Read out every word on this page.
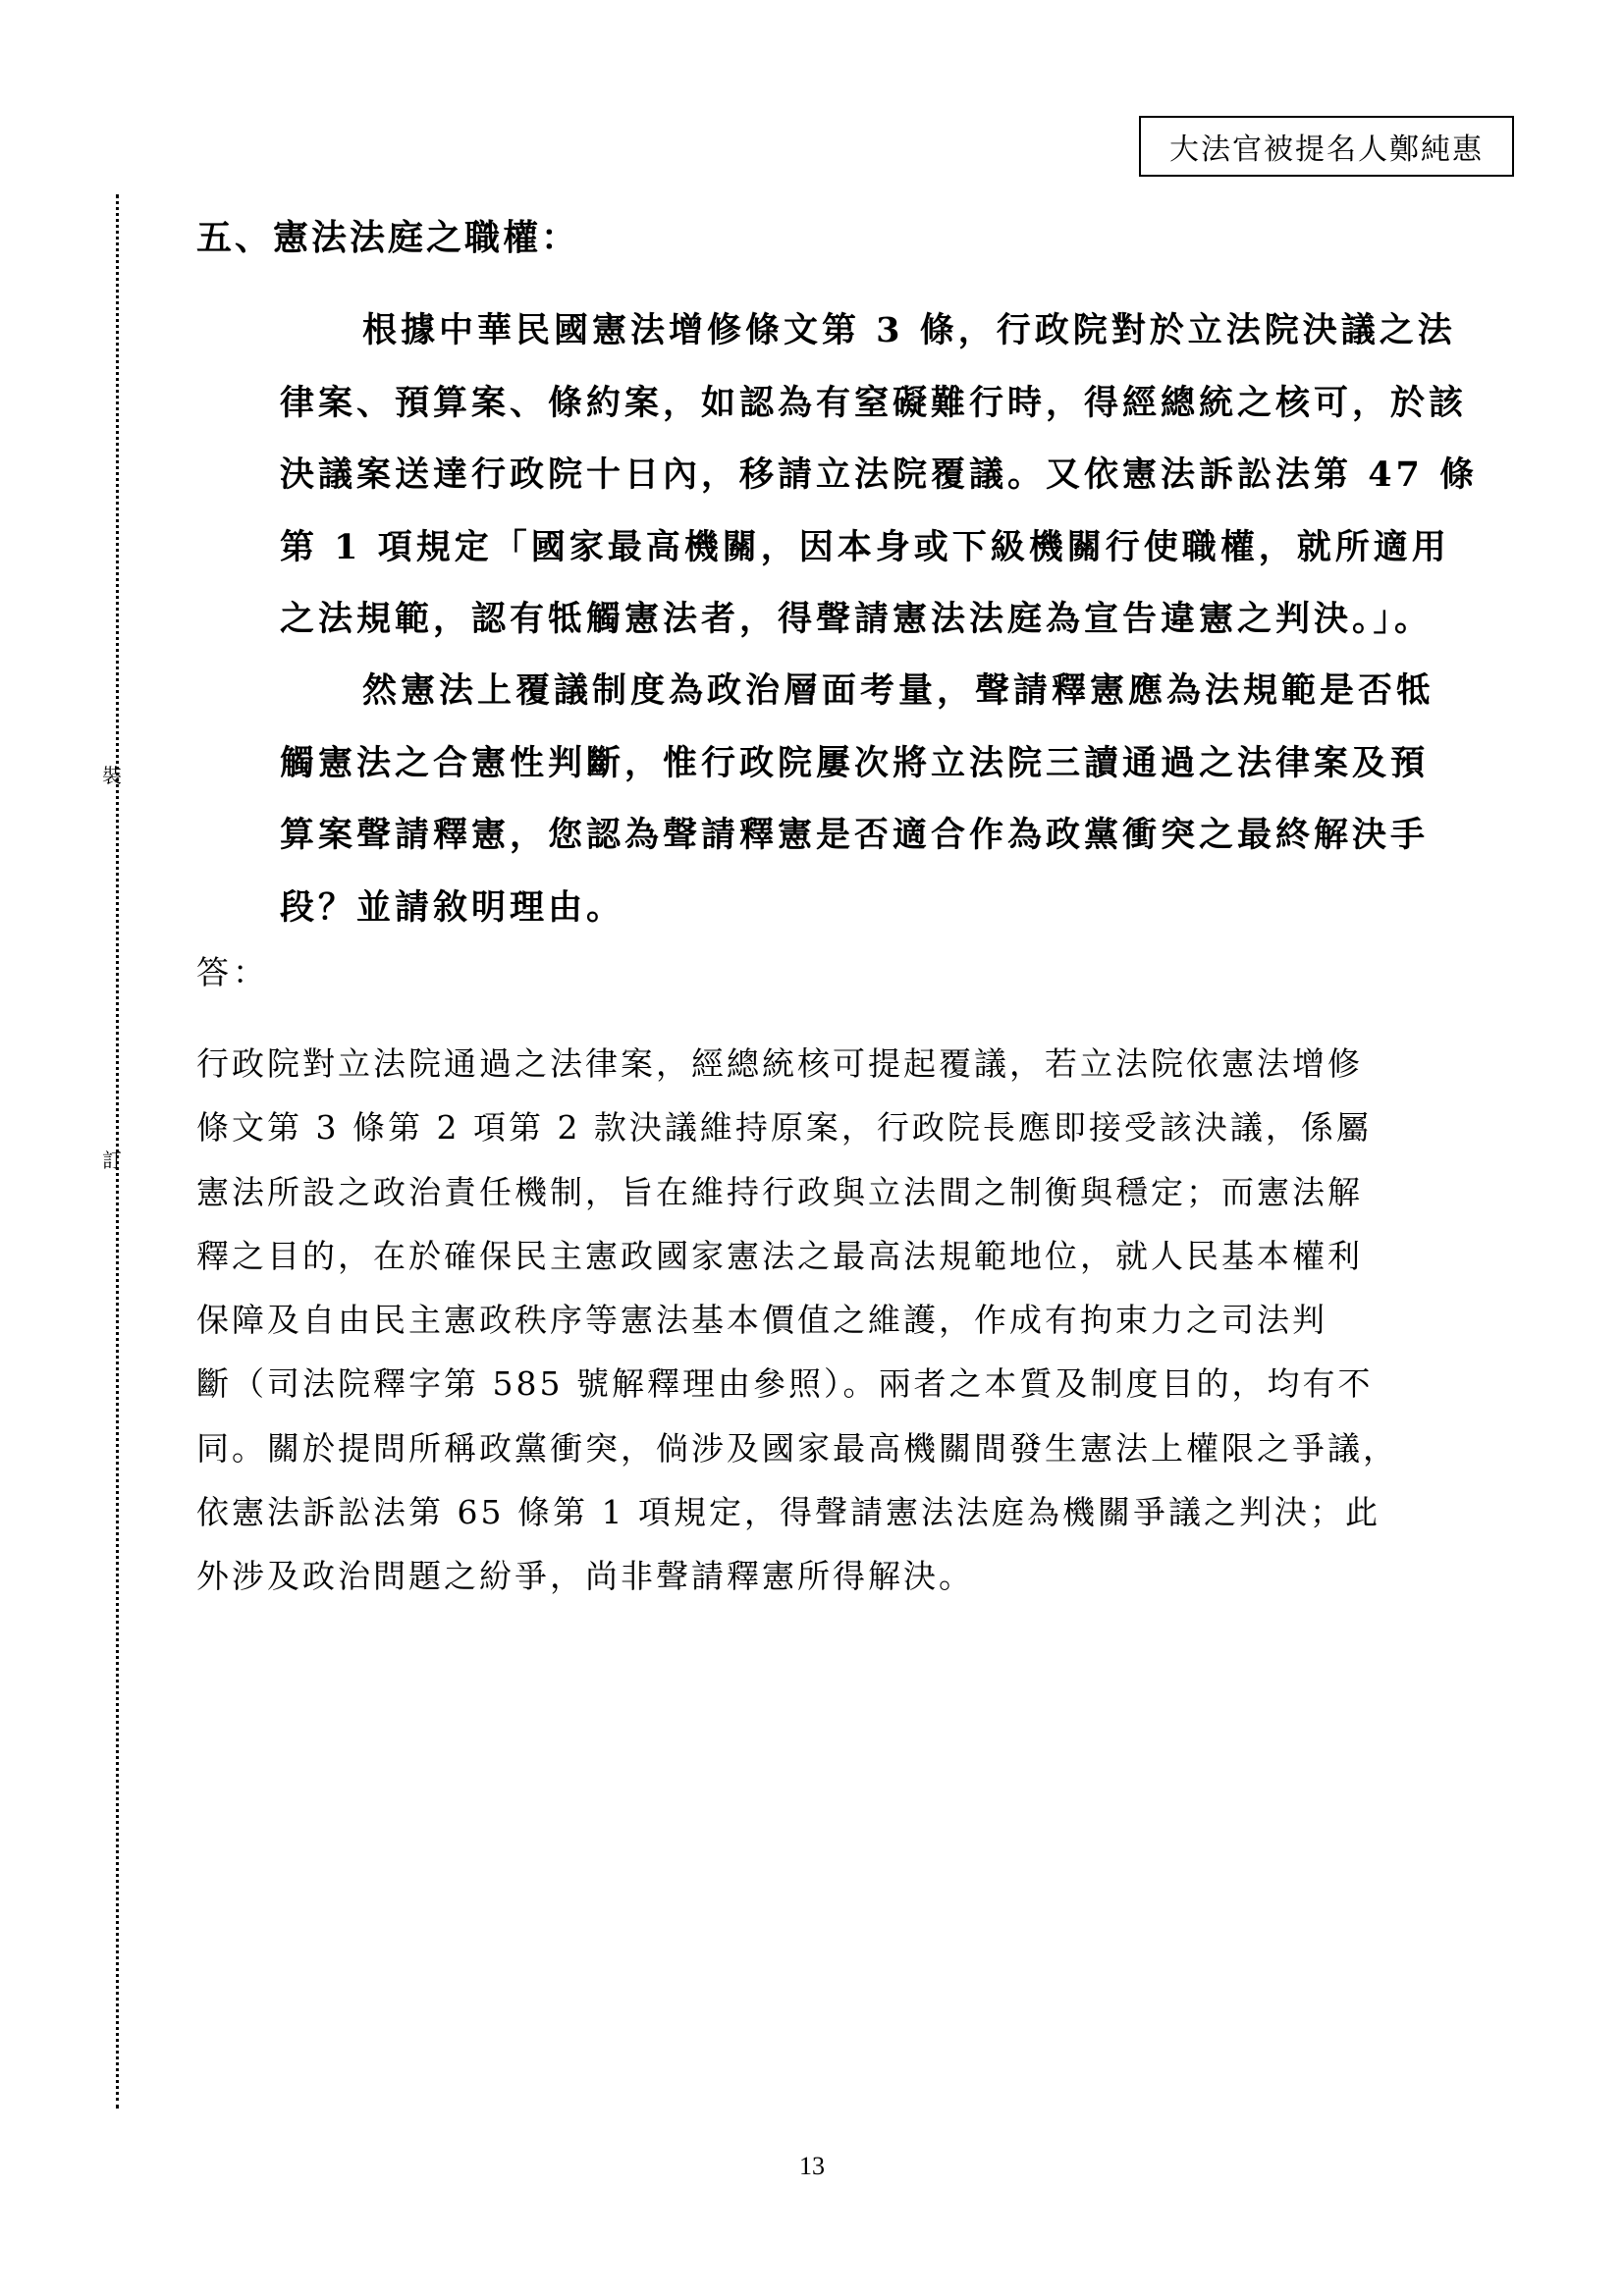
大法官被提名人鄭純惠
裝
訂
五、憲法法庭之職權：
根據中華民國憲法增修條文第 3 條，行政院對於立法院決議之法
律案、預算案、條約案，如認為有窒礙難行時，得經總統之核可，於該
決議案送達行政院十日內，移請立法院覆議。又依憲法訴訟法第 47 條
第 1 項規定「國家最高機關，因本身或下級機關行使職權，就所適用
之法規範，認有牴觸憲法者，得聲請憲法法庭為宣告違憲之判決。」。
然憲法上覆議制度為政治層面考量，聲請釋憲應為法規範是否牴
觸憲法之合憲性判斷，惟行政院屢次將立法院三讀通過之法律案及預
算案聲請釋憲，您認為聲請釋憲是否適合作為政黨衝突之最終解決手
段？並請敘明理由。
答：
行政院對立法院通過之法律案，經總統核可提起覆議，若立法院依憲法增修
條文第 3 條第 2 項第 2 款決議維持原案，行政院長應即接受該決議，係屬
憲法所設之政治責任機制，旨在維持行政與立法間之制衡與穩定；而憲法解
釋之目的，在於確保民主憲政國家憲法之最高法規範地位，就人民基本權利
保障及自由民主憲政秩序等憲法基本價值之維護，作成有拘束力之司法判
斷（司法院釋字第 585 號解釋理由參照）。兩者之本質及制度目的，均有不
同。關於提問所稱政黨衝突，倘涉及國家最高機關間發生憲法上權限之爭議，
依憲法訴訟法第 65 條第 1 項規定，得聲請憲法法庭為機關爭議之判決；此
外涉及政治問題之紛爭，尚非聲請釋憲所得解決。
13
